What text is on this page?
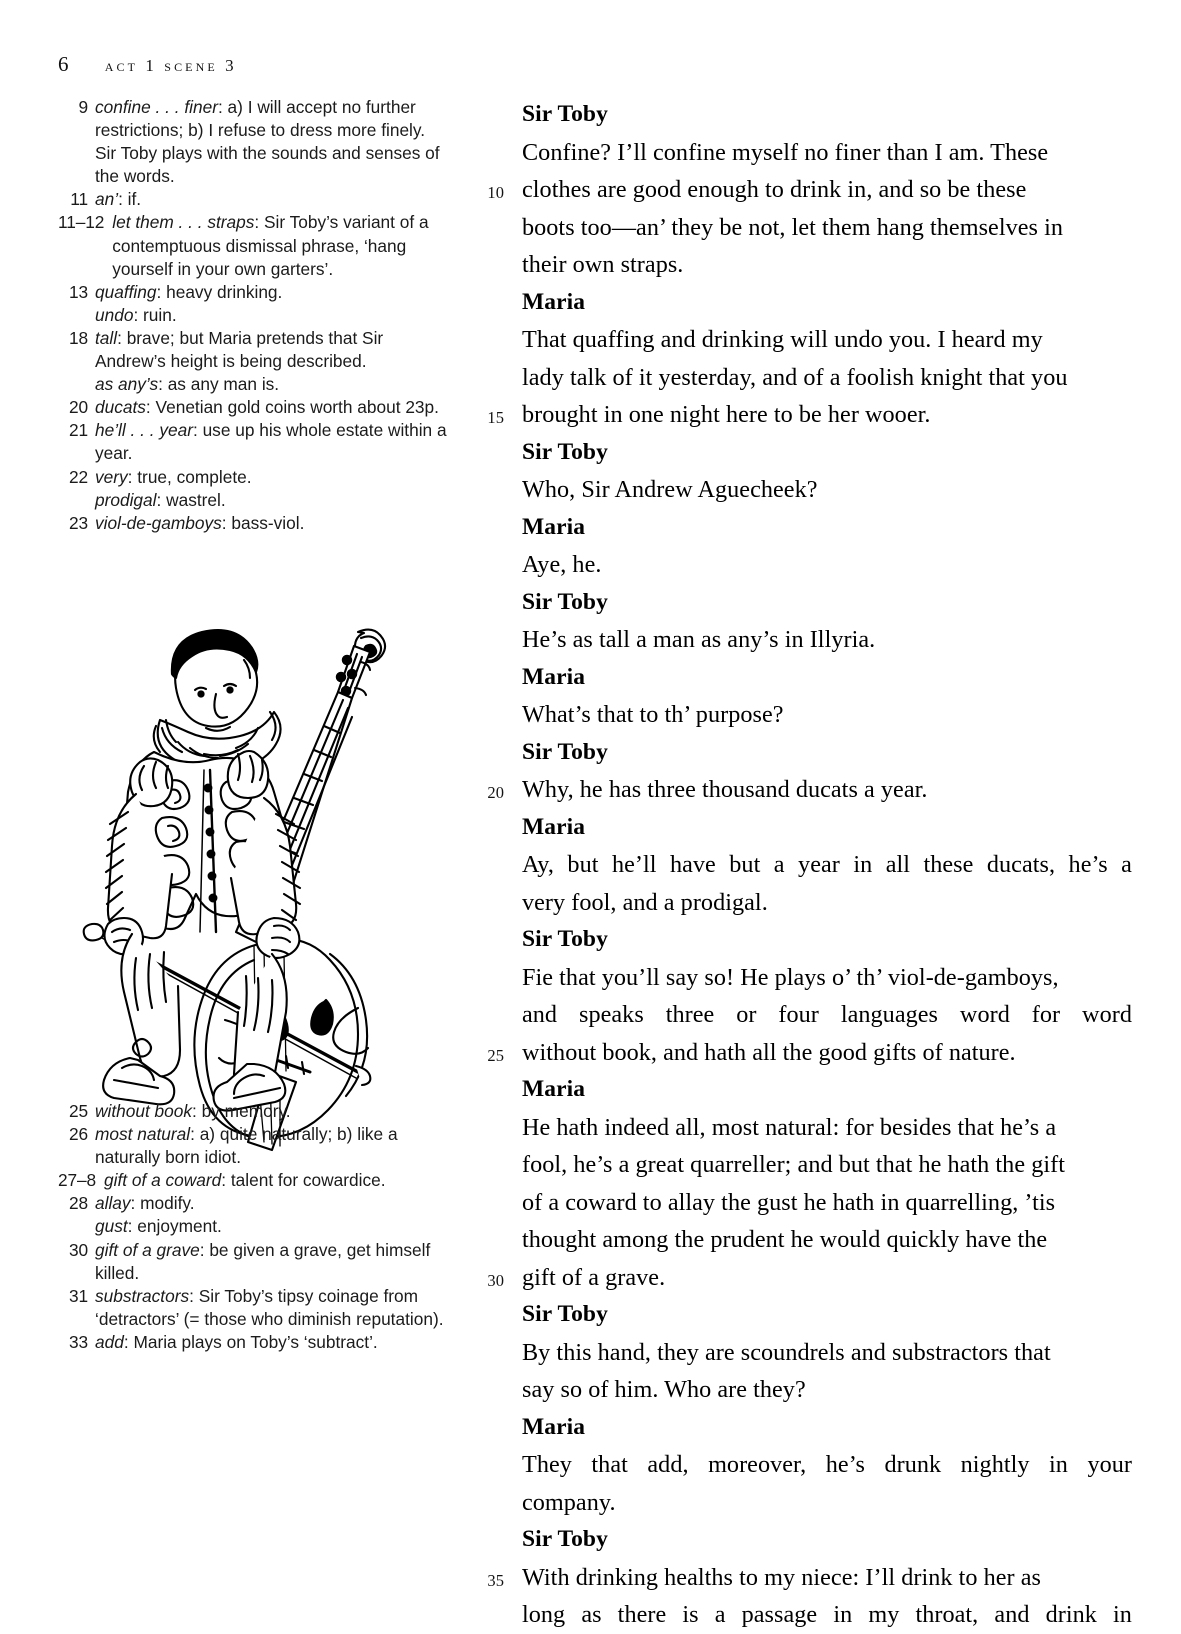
6 act 1 scene 3
9 confine . . . finer: a) I will accept no further restrictions; b) I refuse to dress more finely. Sir Toby plays with the sounds and senses of the words.
11 an’: if.
11–12 let them . . . straps: Sir Toby’s variant of a contemptuous dismissal phrase, ‘hang yourself in your own garters’.
13 quaffing: heavy drinking.
undo: ruin.
18 tall: brave; but Maria pretends that Sir Andrew’s height is being described.
as any’s: as any man is.
20 ducats: Venetian gold coins worth about 23p.
21 he’ll . . . year: use up his whole estate within a year.
22 very: true, complete.
prodigal: wastrel.
23 viol-de-gamboys: bass-viol.
25 without book: by memory.
26 most natural: a) quite naturally; b) like a naturally born idiot.
27–8 gift of a coward: talent for cowardice.
28 allay: modify.
gust: enjoyment.
30 gift of a grave: be given a grave, get himself killed.
31 substractors: Sir Toby’s tipsy coinage from ‘detractors’ (= those who diminish reputation).
33 add: Maria plays on Toby’s ‘subtract’.
Sir Toby
Confine? I’ll confine myself no finer than I am. These
10 clothes are good enough to drink in, and so be these
boots too—an’ they be not, let them hang themselves in
their own straps.
Maria
That quaffing and drinking will undo you. I heard my
lady talk of it yesterday, and of a foolish knight that you
15 brought in one night here to be her wooer.
Sir Toby
Who, Sir Andrew Aguecheek?
Maria
Aye, he.
Sir Toby
He’s as tall a man as any’s in Illyria.
Maria
What’s that to th’ purpose?
Sir Toby
20 Why, he has three thousand ducats a year.
Maria
Ay, but he’ll have but a year in all these ducats, he’s a
very fool, and a prodigal.
Sir Toby
Fie that you’ll say so! He plays o’ th’ viol-de-gamboys,
and speaks three or four languages word for word
25 without book, and hath all the good gifts of nature.
Maria
He hath indeed all, most natural: for besides that he’s a
fool, he’s a great quarreller; and but that he hath the gift
of a coward to allay the gust he hath in quarrelling, ’tis
thought among the prudent he would quickly have the
30 gift of a grave.
Sir Toby
By this hand, they are scoundrels and substractors that
say so of him. Who are they?
Maria
They that add, moreover, he’s drunk nightly in your
company.
Sir Toby
35 With drinking healths to my niece: I’ll drink to her as
long as there is a passage in my throat, and drink in
